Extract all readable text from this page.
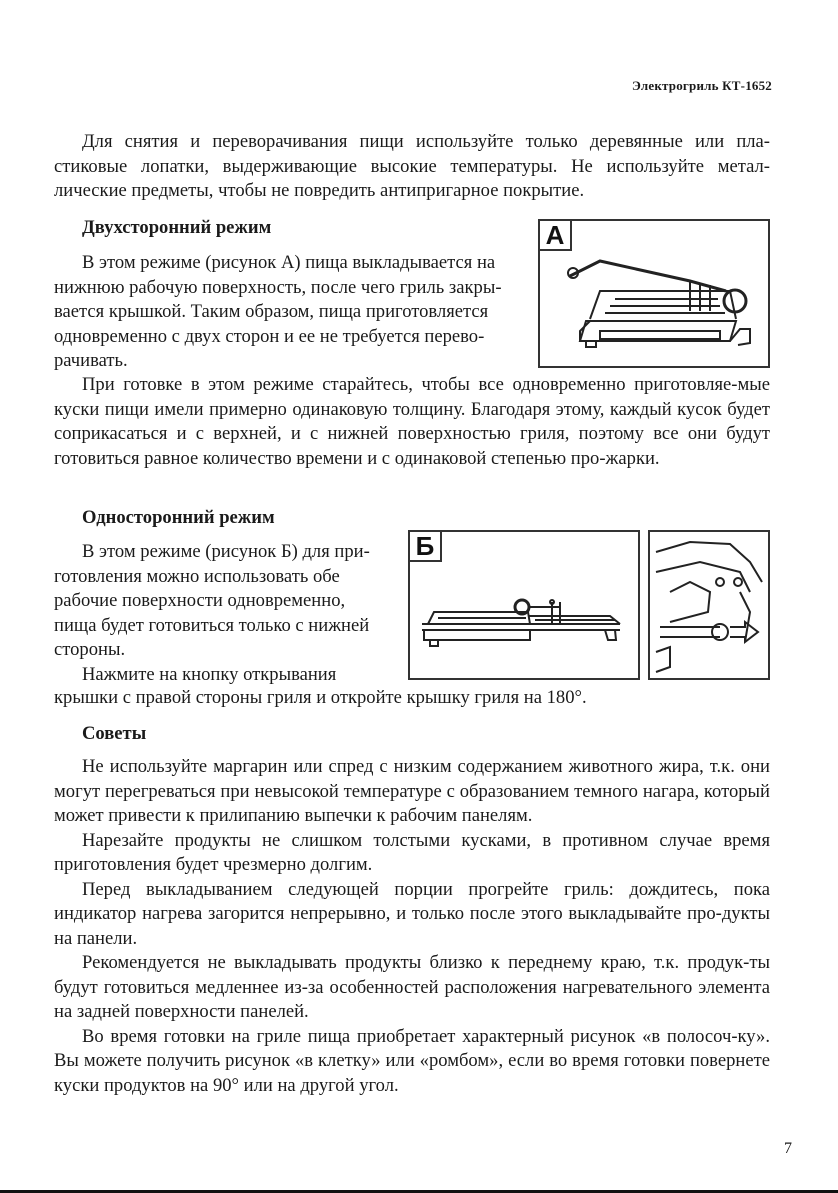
Электрогриль КТ-1652

Для снятия и переворачивания пищи используйте только деревянные или пла-стиковые лопатки, выдерживающие высокие температуры. Не используйте метал-лические предметы, чтобы не повредить антипригарное покрытие.

Двухсторонний режим
В этом режиме (рисунок А) пища выкладывается на
нижнюю рабочую поверхность, после чего гриль закры-
вается крышкой. Таким образом, пища приготовляется
одновременно с двух сторон и ее не требуется перево-
рачивать.
A

При готовке в этом режиме старайтесь, чтобы все одновременно приготовляе-мые куски пищи имели примерно одинаковую толщину. Благодаря этому, каждый кусок будет соприкасаться и с верхней, и с нижней поверхностью гриля, поэтому все они будут готовиться равное количество времени и с одинаковой степенью про-жарки.

Односторонний режим
В этом режиме (рисунок Б) для при-
готовления можно использовать обе
рабочие поверхности одновременно,
пища будет готовиться только с нижней
стороны.
Нажмите на кнопку открывания
крышки с правой стороны гриля и откройте крышку гриля на 180°.
Б
Советы

Не используйте маргарин или спред с низким содержанием животного жира, т.к. они могут перегреваться при невысокой температуре с образованием темного нагара, который может привести к прилипанию выпечки к рабочим панелям.

Нарезайте продукты не слишком толстыми кусками, в противном случае время приготовления будет чрезмерно долгим.

Перед выкладыванием следующей порции прогрейте гриль: дождитесь, пока индикатор нагрева загорится непрерывно, и только после этого выкладывайте про-дукты на панели.

Рекомендуется не выкладывать продукты близко к переднему краю, т.к. продук-ты будут готовиться медленнее из-за особенностей расположения нагревательного элемента на задней поверхности панелей.

Во время готовки на гриле пища приобретает характерный рисунок «в полосоч-ку». Вы можете получить рисунок «в клетку» или «ромбом», если во время готовки повернете куски продуктов на 90° или на другой угол.

7
